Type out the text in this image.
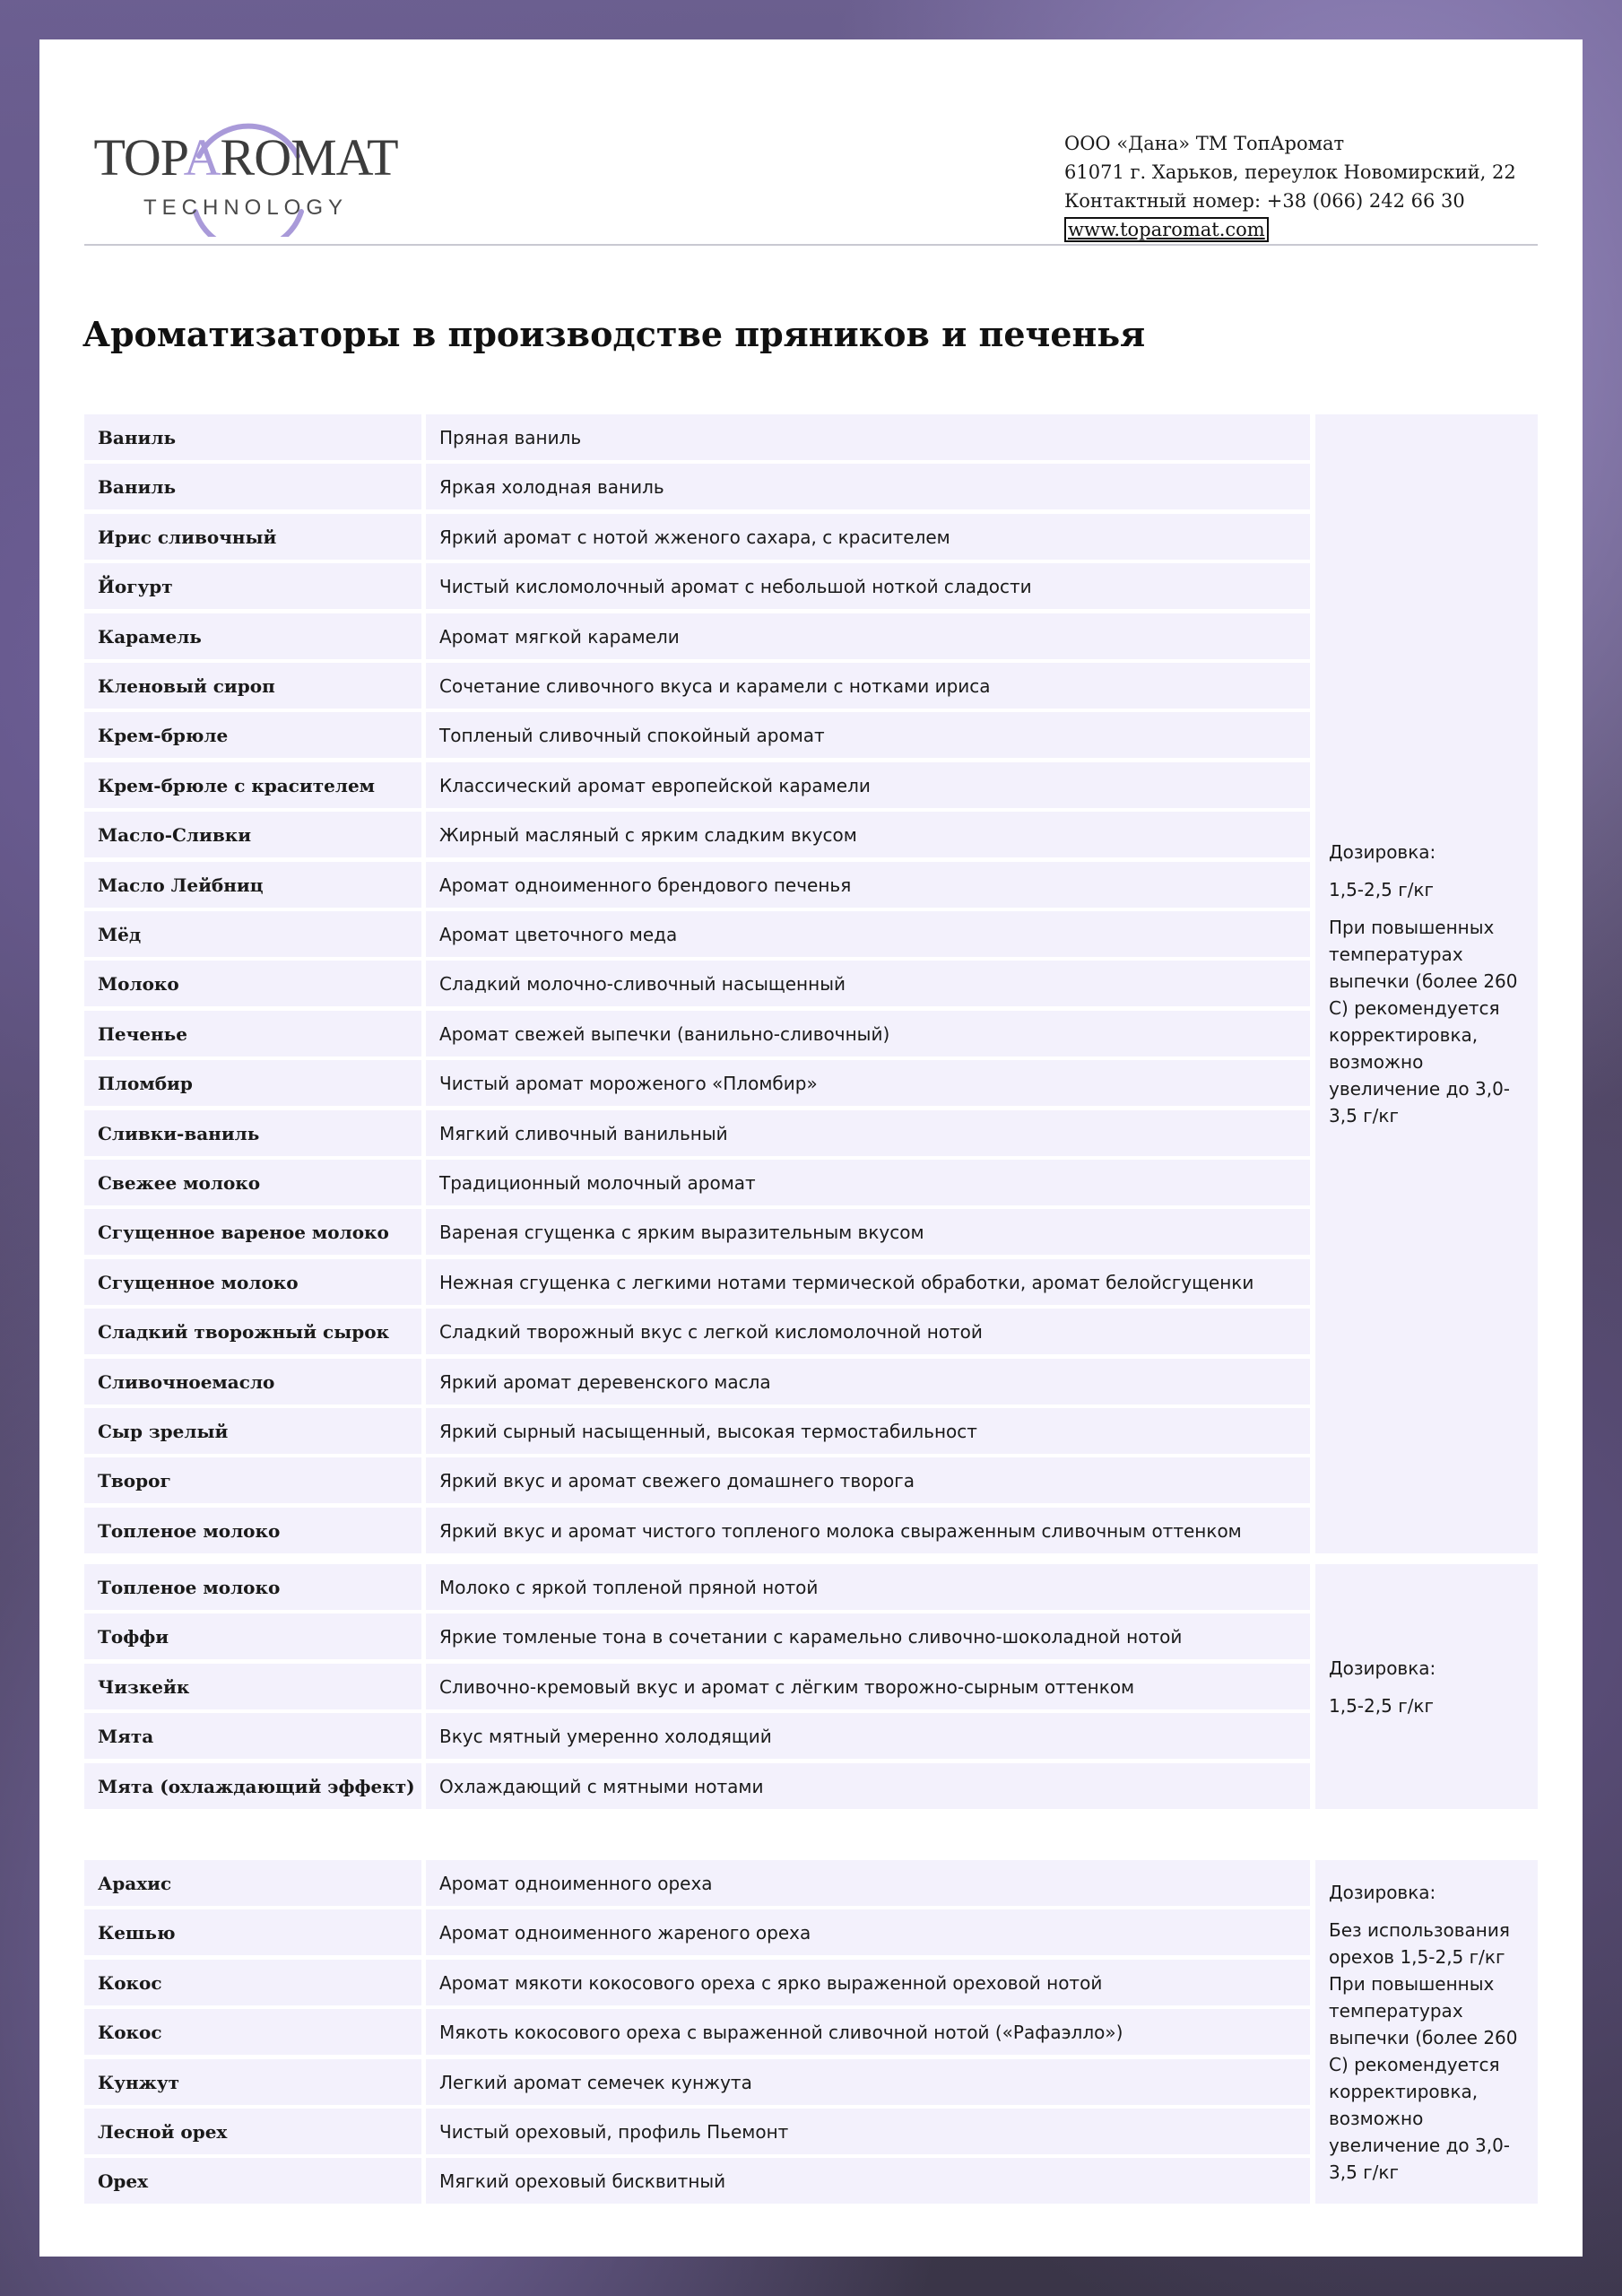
TOPAROMAT
TECHNOLOGY
ООО «Дана» ТМ ТопАромат
61071 г. Харьков, переулок Новомирский, 22
Контактный номер: +38 (066) 242 66 30
www.toparomat.com
Ароматизаторы в производстве пряников и печенья
Ваниль	Пряная ваниль
Ваниль	Яркая холодная ваниль
Ирис сливочный	Яркий аромат с нотой жженого сахара, с красителем
Йогурт	Чистый кисломолочный аромат с небольшой ноткой сладости
Карамель	Аромат мягкой карамели
Кленовый сироп	Сочетание сливочного вкуса и карамели с нотками ириса
Крем-брюле	Топленый сливочный спокойный аромат
Крем-брюле с красителем	Классический аромат европейской карамели
Масло-Сливки	Жирный масляный с ярким сладким вкусом
Масло Лейбниц	Аромат одноименного брендового печенья
Мёд	Аромат цветочного меда
Молоко	Сладкий молочно-сливочный насыщенный
Печенье	Аромат свежей выпечки (ванильно-сливочный)
Пломбир	Чистый аромат мороженого «Пломбир»
Сливки-ваниль	Мягкий сливочный ванильный
Свежее молоко	Традиционный молочный аромат
Сгущенное вареное молоко	Вареная сгущенка с ярким выразительным вкусом
Сгущенное молоко	Нежная сгущенка с легкими нотами термической обработки, аромат белойсгущенки
Сладкий творожный сырок	Сладкий творожный вкус с легкой кисломолочной нотой
Сливочноемасло	Яркий аромат деревенского масла
Сыр зрелый	Яркий сырный насыщенный, высокая термостабильност
Творог	Яркий вкус и аромат свежего домашнего творога
Топленое молоко	Яркий вкус и аромат чистого топленого молока свыраженным сливочным оттенком

Дозировка:

1,5-2,5 г/кг

При повышенных температурах выпечки (более 260 С) рекомендуется корректировка, возможно увеличение до 3,0-3,5 г/кг

Топленое молоко	Молоко с яркой топленой пряной нотой
Тоффи	Яркие томленые тона в сочетании с карамельно сливочно-шоколадной нотой
Чизкейк	Сливочно-кремовый вкус и аромат с лёгким творожно-сырным оттенком
Мята	Вкус мятный умеренно холодящий
Мята (охлаждающий эффект)	Охлаждающий с мятными нотами

Дозировка:

1,5-2,5 г/кг

Арахис	Аромат одноименного ореха
Кешью	Аромат одноименного жареного ореха
Кокос	Аромат мякоти кокосового ореха с ярко выраженной ореховой нотой
Кокос	Мякоть кокосового ореха с выраженной сливочной нотой («Рафаэлло»)
Кунжут	Легкий аромат семечек кунжута
Лесной орех	Чистый ореховый, профиль Пьемонт
Орех	Мягкий ореховый бисквитный

Дозировка:

Без использования орехов 1,5-2,5 г/кг При повышенных температурах выпечки (более 260 С) рекомендуется корректировка, возможно увеличение до 3,0-3,5 г/кг
